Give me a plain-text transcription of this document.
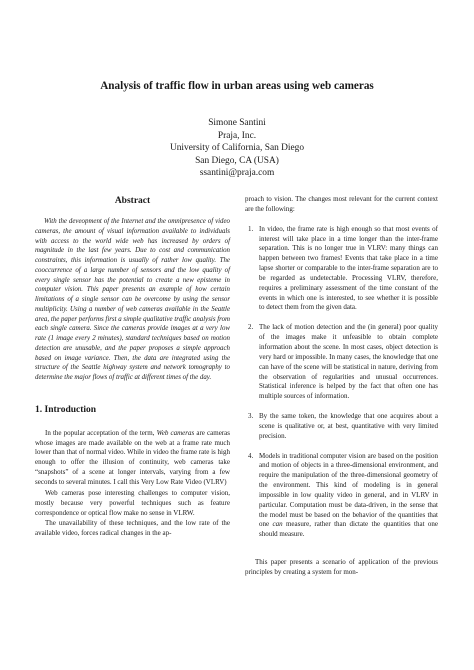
Analysis of traffic flow in urban areas using web cameras
Simone Santini
Praja, Inc.
University of California, San Diego
San Diego, CA (USA)
ssantini@praja.com
Abstract

With the deveopment of the Internet and the omnipresence of video cameras, the amount of visual information available to individuals with access to the world wide web has increased by orders of magnitude in the last few years. Due to cost and communication constraints, this information is usually of rather low quality. The cooccurrence of a large number of sensors and the low quality of every single sensor has the potential to create a new episteme in computer vision. This paper presents an example of how certain limitations of a single sensor can be overcome by using the sensor multiplicity. Using a number of web cameras available in the Seattle area, the paper performs first a simple qualitative traffic analysis from each single camera. Since the cameras provide images at a very low rate (1 image every 2 minutes), standard techniques based on motion detection are unusable, and the paper proposes a simple approach based on image variance. Then, the data are integrated using the structure of the Seattle highway system and network tomography to determine the major flows of traffic at different times of the day.

1. Introduction

In the popular acceptation of the term, Web cameras are cameras whose images are made available on the web at a frame rate much lower than that of normal video. While in video the frame rate is high enough to offer the illusion of continuity, web cameras take “snapshots” of a scene at longer intervals, varying from a few seconds to several minutes. I call this Very Low Rate Video (VLRV)

Web cameras pose interesting challenges to computer vision, mostly because very powerful techniques such as feature correspondence or optical flow make no sense in VLRW.

The unavailability of these techniques, and the low rate of the available video, forces radical changes in the ap-

proach to vision. The changes most relevant for the current context are the following:

1. In video, the frame rate is high enough so that most events of interest will take place in a time longer than the inter-frame separation. This is no longer true in VLRV: many things can happen between two frames! Events that take place in a time lapse shorter or comparable to the inter-frame separation are to be regarded as undetectable. Processing VLRV, therefore, requires a preliminary assessment of the time constant of the events in which one is interested, to see whether it is possible to detect them from the given data.
2. The lack of motion detection and the (in general) poor quality of the images make it unfeasible to obtain complete information about the scene. In most cases, object detection is very hard or impossible. In many cases, the knowledge that one can have of the scene will be statistical in nature, deriving from the observation of regularities and unusual occurrences. Statistical inference is helped by the fact that often one has multiple sources of information.
3. By the same token, the knowledge that one acquires about a scene is qualitative or, at best, quantitative with very limited precision.
4. Models in traditional computer vision are based on the position and motion of objects in a three-dimensional environment, and require the manipulation of the three-dimensional geometry of the environment. This kind of modeling is in general impossible in low quality video in general, and in VLRV in particular. Computation must be data-driven, in the sense that the model must be based on the behavior of the quantities that one can measure, rather than dictate the quantities that one should measure.

This paper presents a scenario of application of the previous principles by creating a system for mon-
